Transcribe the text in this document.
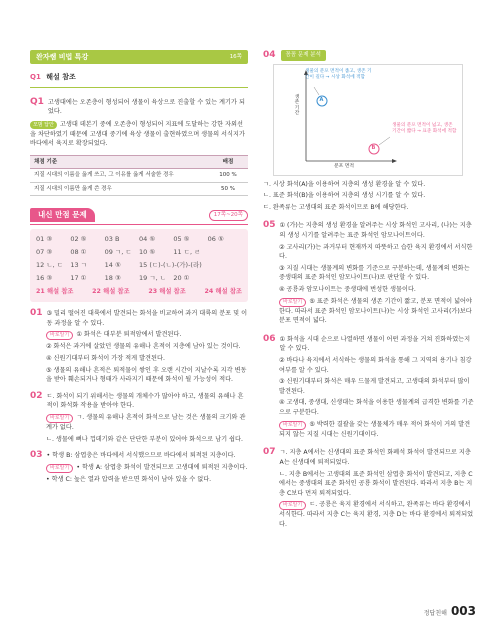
완자쌤 비법 특강	16쪽
Q1 해설 참조
Q1 고생대에는 오존층이 형성되어 생물이 육상으로 진출할 수 있는 계기가 되었다.
모범 답안 고생대 데본기 중에 오존층이 형성되어 지표에 도달하는 강한 자외선을 차단하였기 때문에 고생대 중기에 육상 생물이 출현하였으며 생물의 서식지가 바다에서 육지로 확장되었다.
채점 기준	배점
지질 시대의 이름을 옳게 쓰고, 그 이유를 옳게 서술한 경우	100 %
지질 시대의 이름만 옳게 쓴 경우	50 %
내신 만점 문제	17쪽~20쪽
01 ③	02 ⑤	03 B	04 ⑤	05 ⑤	06 ⑤
07 ③	08 ①	09 ㄱ, ㄷ	10 ⑤	11 ㄷ, ㄹ
12 ㄴ, ㄷ	13 ㄱ	14 ⑤	15 (ㄷ)-(ㄴ)-(가)-(라)
16 ③	17 ①	18 ③	19 ㄱ, ㄴ	20 ①
21 해설 참조	22 해설 참조	23 해설 참조	24 해설 참조
01 ③ 밀리 떨어진 대륙에서 발견되는 화석을 비교하여 과거 대륙의 분포 및 이동 과정을 알 수 있다.
바로알기 ① 화석은 대부분 퇴적암에서 발견된다.
② 화석은 과거에 살았던 생물의 유해나 흔적이 지층에 남아 있는 것이다.
④ 신원기대부터 화석이 가장 적게 발견된다.
⑤ 생물의 유해나 흔적은 퇴적물이 쌓인 후 오랜 시간이 지날수록 지각 변동을 받아 훼손되거나 형태가 사라지기 때문에 화석이 될 가능성이 적다.
02 ㄷ. 화석이 되기 위해서는 생물의 개체수가 많아야 하고, 생물의 유해나 흔적이 화석화 작용을 받아야 한다.
바로알기 ㄱ. 생물의 유해나 흔적이 화석으로 남는 것은 생물의 크기와 관계가 없다.
ㄴ. 생물에 뼈나 껍데기와 같은 단단한 부분이 있어야 화석으로 남기 쉽다.
03 • 학생 B: 삼엽충은 바다에서 서식했으므로 바다에서 퇴적된 지층이다.
바로알기 • 학생 A: 삼엽충 화석이 발견되므로 고생대에 퇴적된 지층이다.
• 학생 C: 높은 열과 압력을 받으면 화석이 남아 있을 수 없다.
04	꼼꼼 문제 분석
생물의 분포 면적이 좁고, 생존 기간이 길다 → 시상 화석에 적합
생물의 분포 면적이 넓고, 생존 기간이 짧다 → 표준 화석에 적합
생존 기간
분포 면적
A
B
ㄱ. 시상 화석(A)을 이용하여 지층의 생성 환경을 알 수 있다.
ㄴ. 표준 화석(B)을 이용하여 지층의 생성 시기를 알 수 있다.
ㄷ. 완족류는 고생대의 표준 화석이므로 B에 해당한다.
05 ① (가)는 지층의 생성 환경을 알려주는 시상 화석인 고사리, (나)는 지층의 생성 시기를 알려주는 표준 화석인 암모나이트이다.
② 고사리(가)는 과거부터 현재까지 따뜻하고 습한 육지 환경에서 서식한다.
③ 지질 시대는 생물계의 변화를 기준으로 구분하는데, 생물계의 변화는 중생대의 표준 화석인 암모나이트(나)로 판단할 수 있다.
④ 공룡과 암모나이트는 중생대에 번성한 생물이다.
바로알기 ⑤ 표준 화석은 생물의 생존 기간이 짧고, 분포 면적이 넓어야 한다. 따라서 표준 화석인 암모나이트(나)는 시상 화석인 고사리(가)보다 분포 면적이 넓다.
06 ① 화석을 시대 순으로 나열하면 생물이 어떤 과정을 거쳐 진화하였는지 알 수 있다.
② 바다나 육지에서 서식하는 생물의 화석을 통해 그 지역의 용기나 침강 여부를 알 수 있다.
③ 신원기대부터 화석은 매우 드물게 발견되고, 고생대의 화석부터 많이 발견된다.
④ 고생대, 중생대, 신생대는 화석을 이용한 생물계의 급격한 변화를 기준으로 구분한다.
바로알기 ⑤ 박력한 결괄을 갖는 생물체가 매우 적어 화석이 거의 발견되지 않는 지질 시대는 신원기대이다.
07 ㄱ. 지층 A에서는 신생대의 표준 화석인 화폐석 화석이 발견되므로 지층 A는 신생대에 퇴적되었다.
ㄴ. 지층 B에서는 고생대의 표준 화석인 삼엽충 화석이 발견되고, 지층 C에서는 중생대의 표준 화석인 공룡 화석이 발견된다. 따라서 지층 B는 지층 C보다 먼저 퇴적되었다.
바로알기 ㄷ. 공룡은 육지 환경에서 서식하고, 완족류는 바다 환경에서 서식한다. 따라서 지층 C는 육지 환경, 지층 D는 바다 환경에서 퇴적되었다.
정답친해 003
